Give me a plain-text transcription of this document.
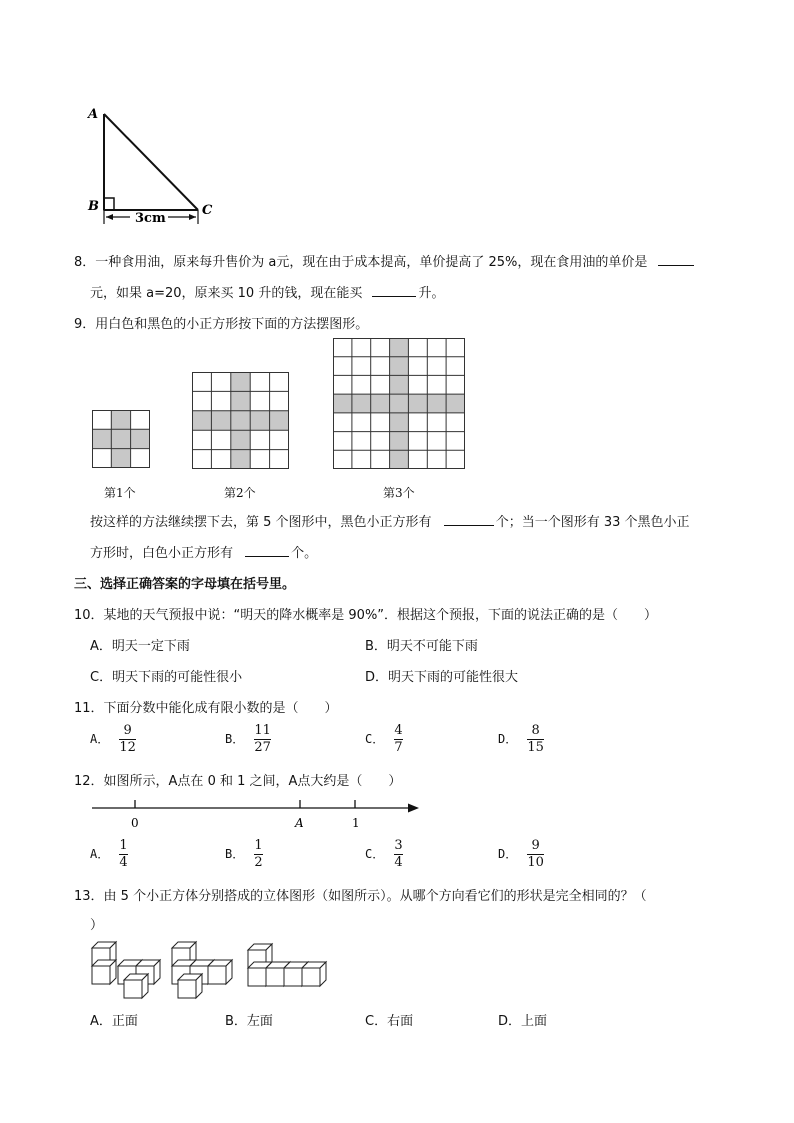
A
B	C
3cm
8．一种食用油，原来每升售价为 a元，现在由于成本提高，单价提高了 25%，现在食用油的单价是
元，如果 a=20，原来买 10 升的钱，现在能买	升。
9．用白色和黑色的小正方形按下面的方法摆图形。
第1个	第2个	第3个
按这样的方法继续摆下去，第 5 个图形中，黑色小正方形有	个；当一个图形有 33 个黑色小正
方形时，白色小正方形有	个。
三、选择正确答案的字母填在括号里。
10．某地的天气预报中说：“明天的降水概率是 90%”．根据这个预报，下面的说法正确的是（　　）
A．明天一定下雨	B．明天不可能下雨
C．明天下雨的可能性很小	D．明天下雨的可能性很大
11．下面分数中能化成有限小数的是（　　）
A． $\frac{9}{12}$	B． $\frac{11}{27}$	C． $\frac{4}{7}$	D． $\frac{8}{15}$
12．如图所示，A点在 0 和 1 之间，A点大约是（　　）
0	A	1
A． $\frac{1}{4}$	B． $\frac{1}{2}$	C． $\frac{3}{4}$	D． $\frac{9}{10}$
13．由 5 个小正方体分别搭成的立体图形（如图所示）。从哪个方向看它们的形状是完全相同的？（
）
A．正面	B．左面	C．右面	D．上面
